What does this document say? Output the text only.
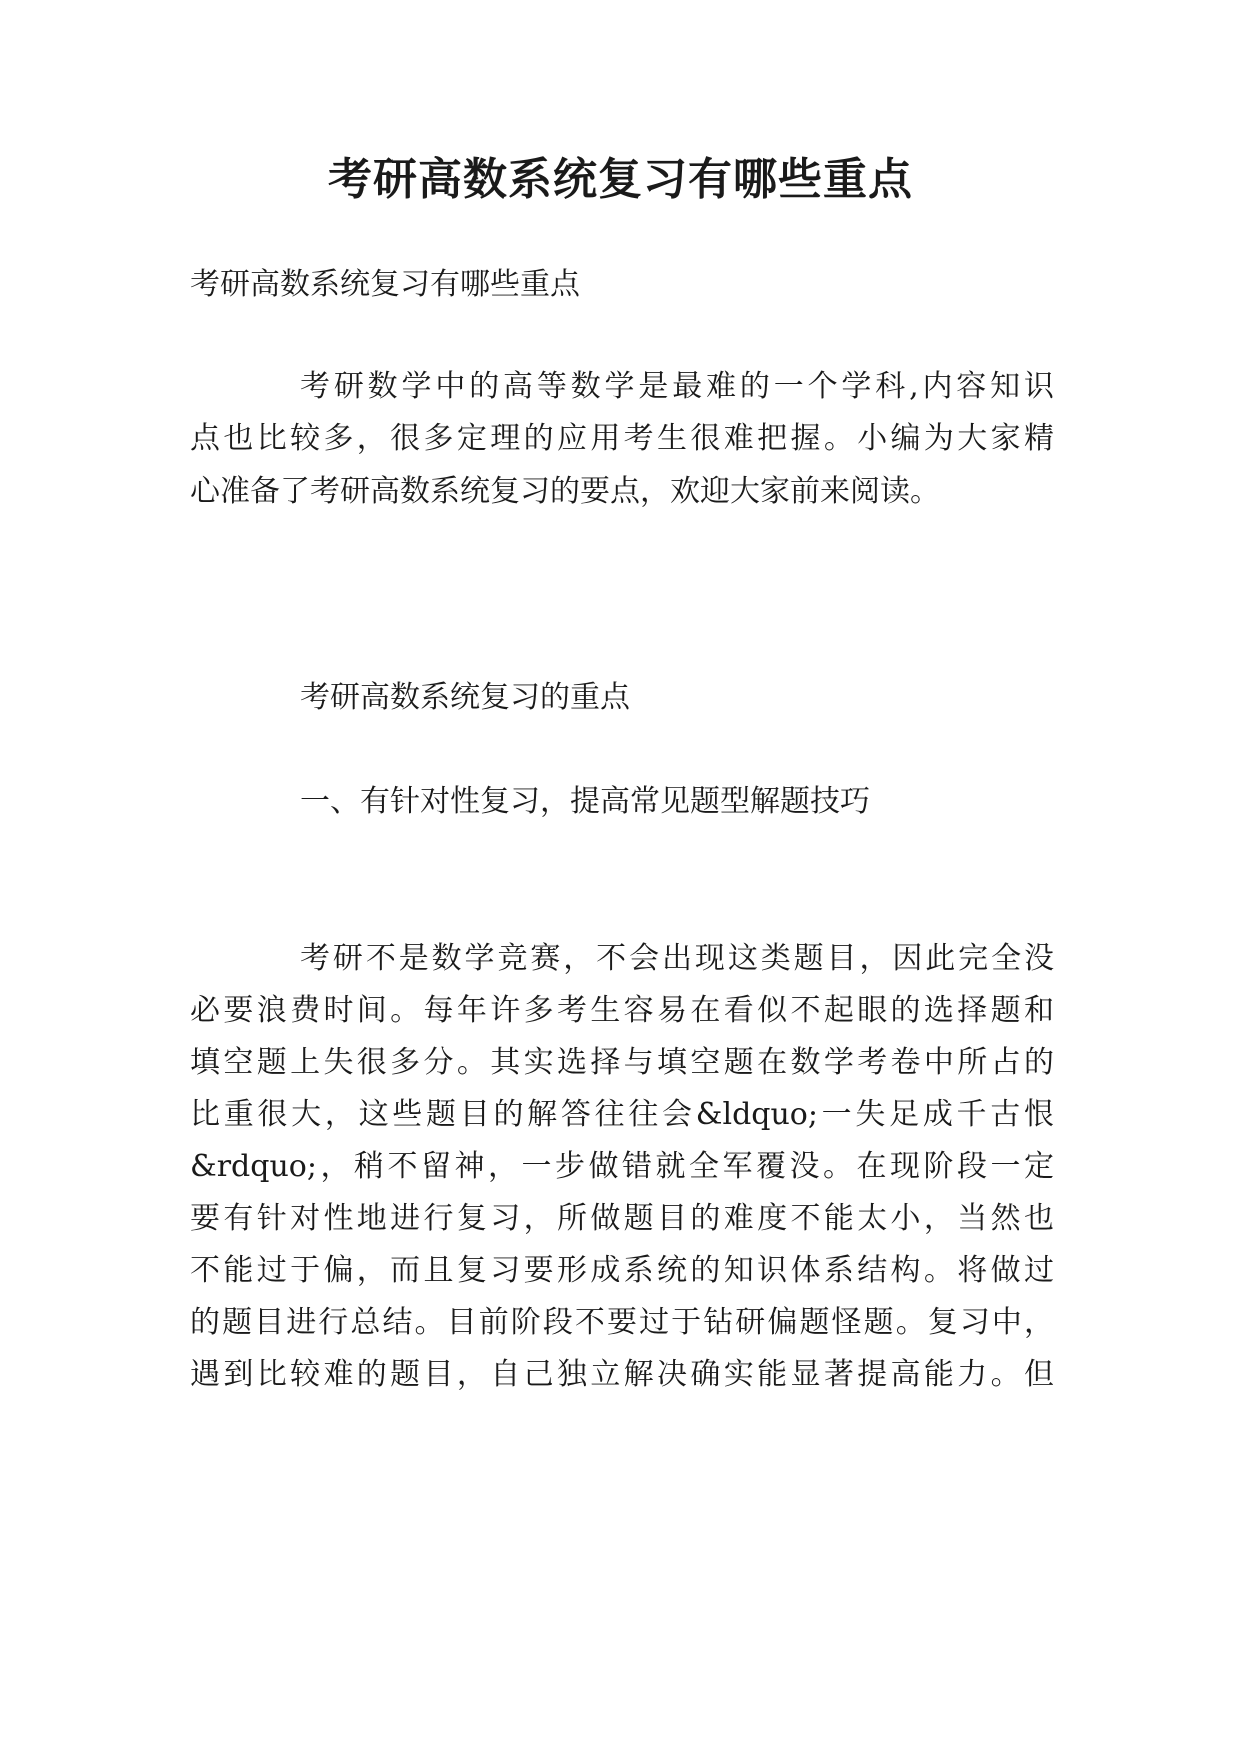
考研高数系统复习有哪些重点

考研高数系统复习有哪些重点

考研数学中的高等数学是最难的一个学科,内容知识

点也比较多，很多定理的应用考生很难把握。小编为大家精

心准备了考研高数系统复习的要点，欢迎大家前来阅读。

考研高数系统复习的重点

一、有针对性复习，提高常见题型解题技巧

考研不是数学竞赛，不会出现这类题目，因此完全没

必要浪费时间。每年许多考生容易在看似不起眼的选择题和

填空题上失很多分。其实选择与填空题在数学考卷中所占的

比重很大，这些题目的解答往往会&ldquo;一失足成千古恨

&rdquo;，稍不留神，一步做错就全军覆没。在现阶段一定

要有针对性地进行复习，所做题目的难度不能太小，当然也

不能过于偏，而且复习要形成系统的知识体系结构。将做过

的题目进行总结。目前阶段不要过于钻研偏题怪题。复习中，

遇到比较难的题目，自己独立解决确实能显著提高能力。但
